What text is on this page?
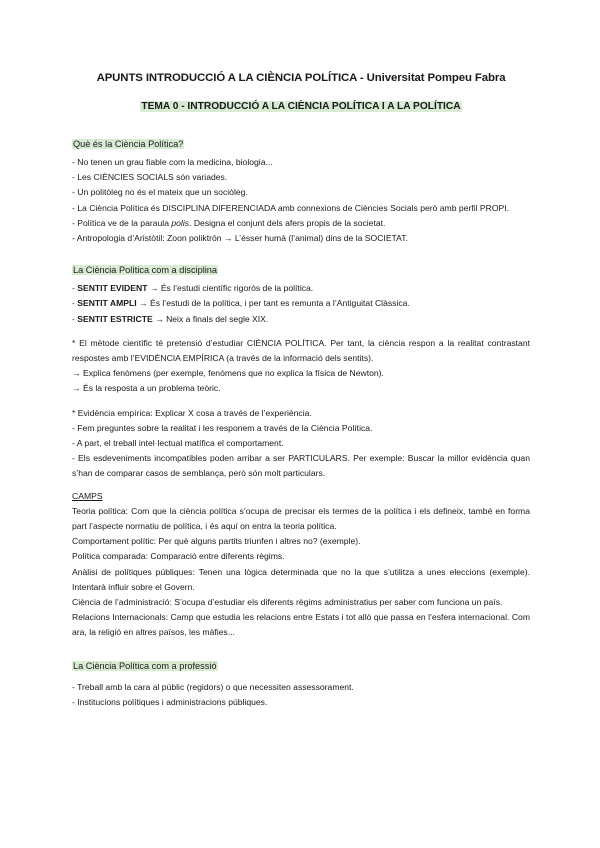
APUNTS INTRODUCCIÓ A LA CIÈNCIA POLÍTICA - Universitat Pompeu Fabra
TEMA 0 - INTRODUCCIÓ A LA CIÈNCIA POLÍTICA I A LA POLÍTICA
Què és la Ciència Política?
- No tenen un grau fiable com la medicina, biologia...
- Les CIÈNCIES SOCIALS són variades.
- Un politòleg no és el mateix que un sociòleg.
- La Ciència Política és DISCIPLINA DIFERENCIADA amb connexions de Ciències Socials però amb perfil PROPI.
- Política ve de la paraula polis. Designa el conjunt dels afers propis de la societat.
- Antropologia d’Aristòtil: Zoon poliktrón → L’ésser humà (l’animal) dins de la SOCIETAT.
La Ciència Política com a disciplina
- SENTIT EVIDENT → És l’estudi científic rigorós de la política.
- SENTIT AMPLI → És l’estudi de la política, i per tant es remunta a l’Antiguitat Clàssica.
- SENTIT ESTRICTE → Neix a finals del segle XIX.
* El mètode científic té pretensió d’estudiar CIÈNCIA POLÍTICA. Per tant, la ciència respon a la realitat contrastant respostes amb l’EVIDÈNCIA EMPÍRICA (a través de la informació dels sentits).
→ Explica fenòmens (per exemple, fenòmens que no explica la física de Newton).
→ És la resposta a un problema teòric.
* Evidència empírica: Explicar X cosa a través de l’experiència.
- Fem preguntes sobre la realitat i les responem a través de la Ciència Política.
- A part, el treball intel·lectual matífica el comportament.
- Els esdeveniments incompatibles poden arribar a ser PARTICULARS. Per exemple: Buscar la millor evidència quan s’han de comparar casos de semblança, però són molt particulars.
CAMPS
Teoria política: Com que la ciència política s’ocupa de precisar els termes de la política i els defineix, també en forma part l’aspecte normatiu de política, i és aquí on entra la teoria política.
Comportament polític: Per què alguns partits triunfen i altres no? (exemple).
Política comparada: Comparació entre diferents règims.
Anàlisi de polítiques públiques: Tenen una lògica determinada que no la que s’utilitza a unes eleccions (exemple). Intentarà influir sobre el Govern.
Ciència de l’administració: S’ocupa d’estudiar els diferents règims administratius per saber com funciona un país.
Relacions Internacionals: Camp que estudia les relacions entre Estats i tot allò que passa en l’esfera internacional. Com ara, la religió en altres països, les màfies...
La Ciència Política com a professió
- Treball amb la cara al públic (regidors) o que necessiten assessorament.
- Institucions polítiques i administracions públiques.
